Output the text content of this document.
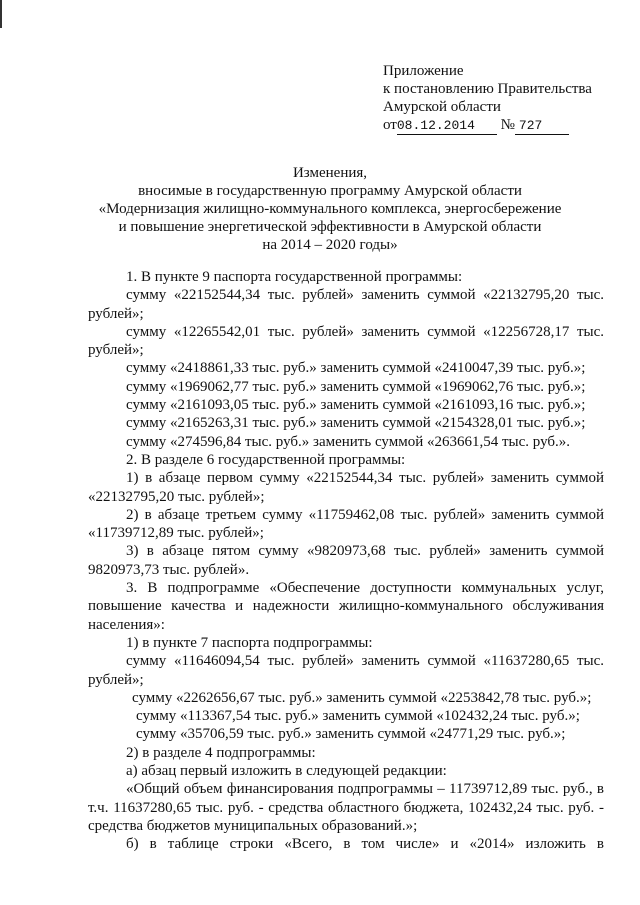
Приложение
к постановлению Правительства
Амурской области
от08.12.2014 № 727
Изменения,
вносимые в государственную программу Амурской области
«Модернизация жилищно-коммунального комплекса, энергосбережение
и повышение энергетической эффективности в Амурской области
на 2014 – 2020 годы»

1. В пункте 9 паспорта государственной программы:

сумму «22152544,34 тыс. рублей» заменить суммой «22132795,20 тыс. рублей»;

сумму «12265542,01 тыс. рублей» заменить суммой «12256728,17 тыс. рублей»;

сумму «2418861,33 тыс. руб.» заменить суммой «2410047,39 тыс. руб.»;

сумму «1969062,77 тыс. руб.» заменить суммой «1969062,76 тыс. руб.»;

сумму «2161093,05 тыс. руб.» заменить суммой «2161093,16 тыс. руб.»;

сумму «2165263,31 тыс. руб.» заменить суммой «2154328,01 тыс. руб.»;

сумму «274596,84 тыс. руб.» заменить суммой «263661,54 тыс. руб.».

2. В разделе 6 государственной программы:

1) в абзаце первом сумму «22152544,34 тыс. рублей» заменить суммой «22132795,20 тыс. рублей»;

2) в абзаце третьем сумму «11759462,08 тыс. рублей» заменить суммой «11739712,89 тыс. рублей»;

3) в абзаце пятом сумму «9820973,68 тыс. рублей» заменить суммой 9820973,73 тыс. рублей».

3. В подпрограмме «Обеспечение доступности коммунальных услуг, повышение качества и надежности жилищно-коммунального обслуживания населения»:

1) в пункте 7 паспорта подпрограммы:

сумму «11646094,54 тыс. рублей» заменить суммой «11637280,65 тыс. рублей»;

сумму «2262656,67 тыс. руб.» заменить суммой «2253842,78 тыс. руб.»;

сумму «113367,54 тыс. руб.» заменить суммой «102432,24 тыс. руб.»;

сумму «35706,59 тыс. руб.» заменить суммой «24771,29 тыс. руб.»;

2) в разделе 4 подпрограммы:

а) абзац первый изложить в следующей редакции:

«Общий объем финансирования подпрограммы – 11739712,89 тыс. руб., в т.ч. 11637280,65 тыс. руб. - средства областного бюджета, 102432,24 тыс. руб. - средства бюджетов муниципальных образований.»;

б) в таблице строки «Всего, в том числе» и «2014» изложить в
